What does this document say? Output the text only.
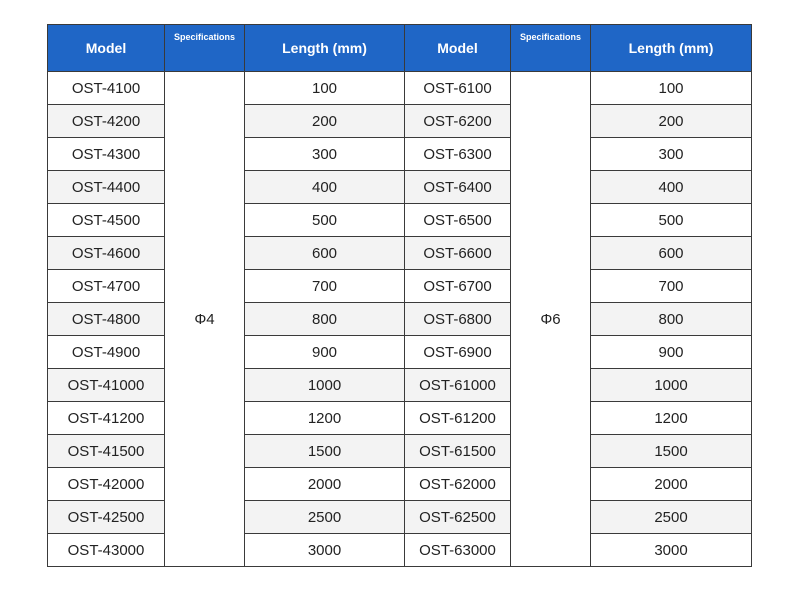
Model	Specifications	Length (mm)	Model	Specifications	Length (mm)
OST-4100	Φ4	100	OST-6100	Φ6	100
OST-4200		200	OST-6200		200
OST-4300		300	OST-6300		300
OST-4400		400	OST-6400		400
OST-4500		500	OST-6500		500
OST-4600		600	OST-6600		600
OST-4700		700	OST-6700		700
OST-4800		800	OST-6800		800
OST-4900		900	OST-6900		900
OST-41000		1000	OST-61000		1000
OST-41200		1200	OST-61200		1200
OST-41500		1500	OST-61500		1500
OST-42000		2000	OST-62000		2000
OST-42500		2500	OST-62500		2500
OST-43000		3000	OST-63000		3000
